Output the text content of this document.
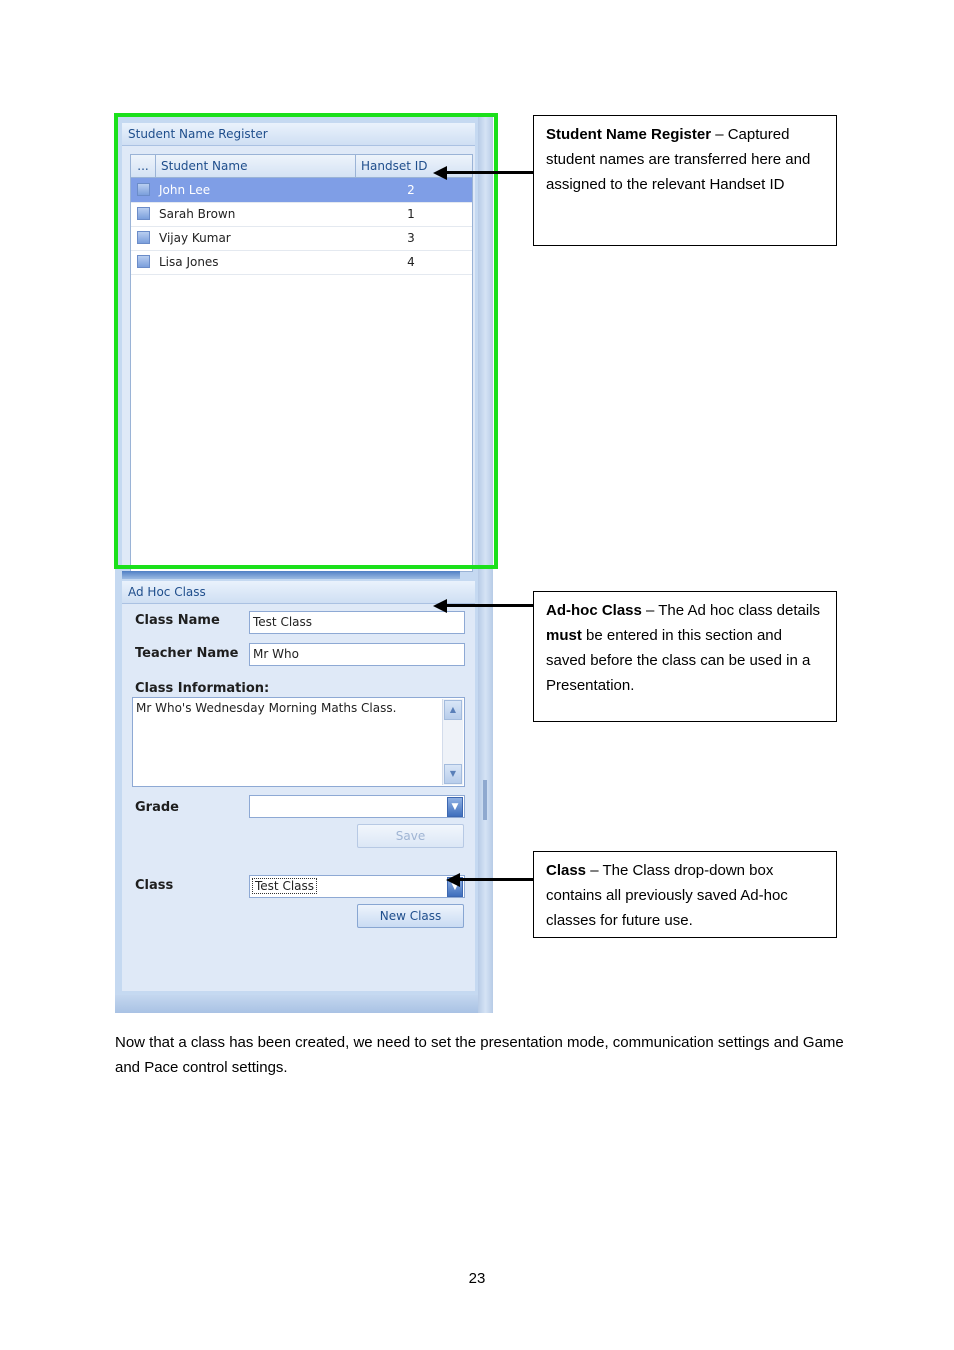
Student Name Register
...	Student Name	Handset ID
John Lee	2
Sarah Brown	1
Vijay Kumar	3
Lisa Jones	4
Ad Hoc Class
Class Name	Test Class
Teacher Name	Mr Who
Class Information:
Mr Who's Wednesday Morning Maths Class.	▲
▼
Grade	▼
Save
Class	Test Class	▼
New Class
Student Name Register – Captured student names are transferred here and assigned to the relevant Handset ID
Ad-hoc Class – The Ad hoc class details must be entered in this section and saved before the class can be used in a Presentation.
Class – The Class drop-down box contains all previously saved Ad-hoc classes for future use.
Now that a class has been created, we need to set the presentation mode, communication settings and Game and Pace control settings.
23
